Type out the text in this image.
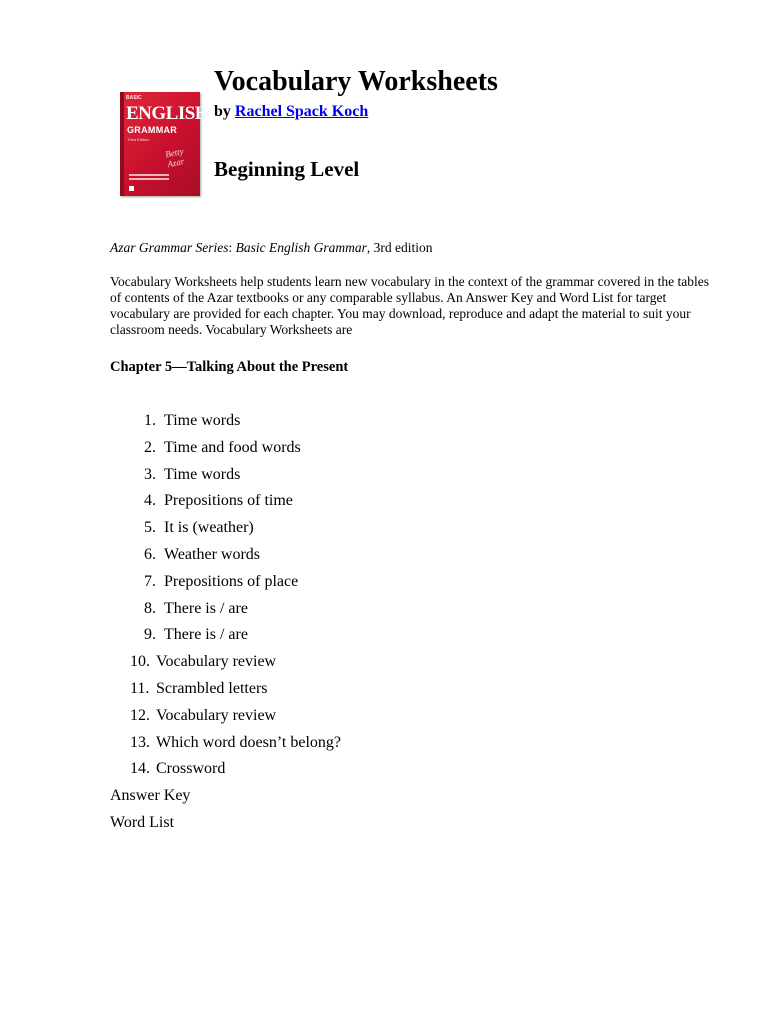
BASIC
ENGLISH
GRAMMAR
Third Edition
Betty Azar
Vocabulary Worksheets
by Rachel Spack Koch
Beginning Level
Azar Grammar Series: Basic English Grammar, 3rd edition

Vocabulary Worksheets help students learn new vocabulary in the context of the grammar covered in the tables of contents of the Azar textbooks or any comparable syllabus. An Answer Key and Word List for target vocabulary are provided for each chapter. You may download, reproduce and adapt the material to suit your classroom needs. Vocabulary Worksheets are

Chapter 5—Talking About the Present
1. Time words
2. Time and food words
3. Time words
4. Prepositions of time
5. It is (weather)
6. Weather words
7. Prepositions of place
8. There is / are
9. There is / are
10. Vocabulary review
11. Scrambled letters
12. Vocabulary review
13. Which word doesn’t belong?
14. Crossword
Answer Key
Word List
